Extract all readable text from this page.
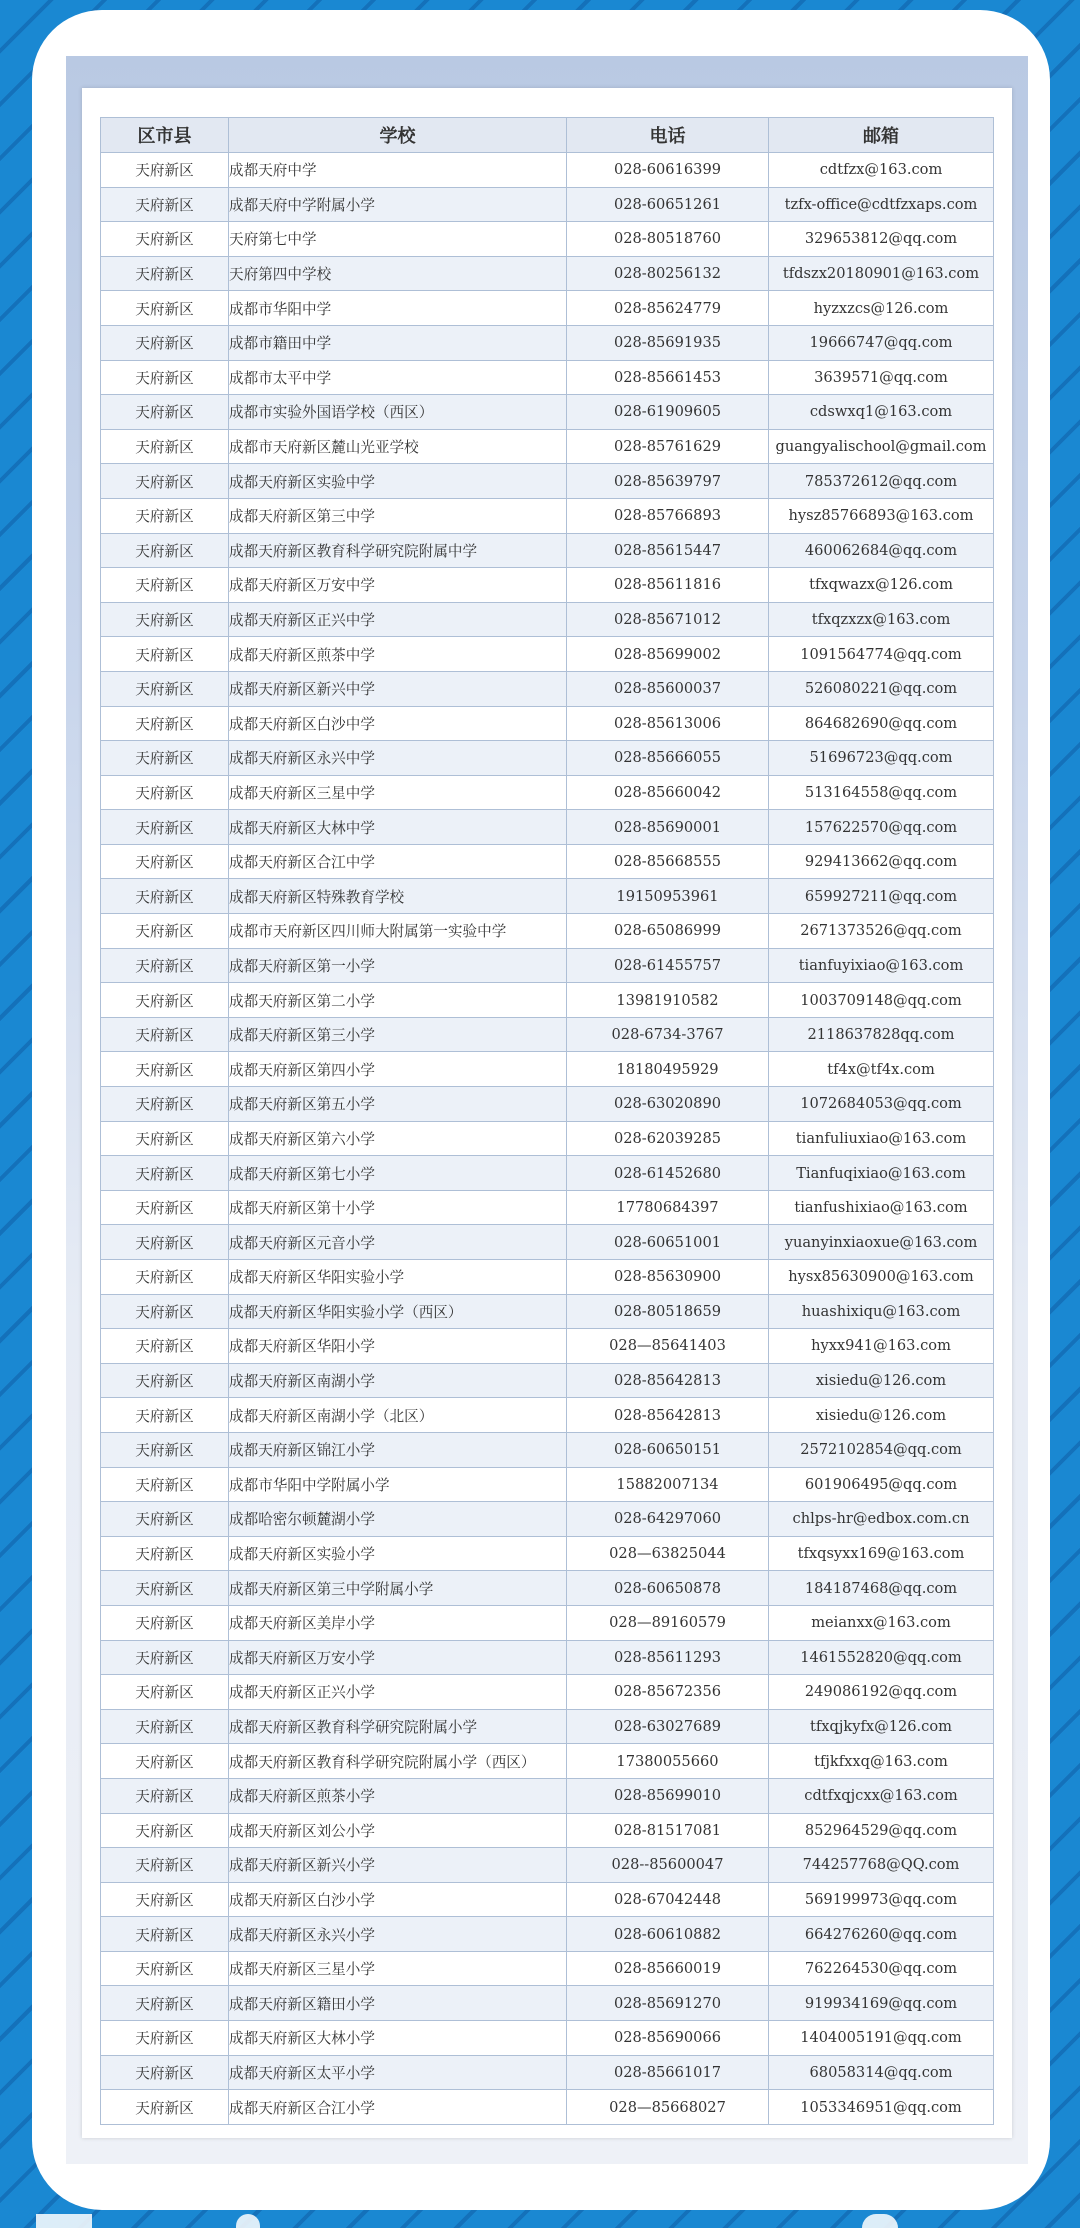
区市县	学校	电话	邮箱
天府新区	成都天府中学	028-60616399	cdtfzx@163.com
天府新区	成都天府中学附属小学	028-60651261	tzfx-office@cdtfzxaps.com
天府新区	天府第七中学	028-80518760	329653812@qq.com
天府新区	天府第四中学校	028-80256132	tfdszx20180901@163.com
天府新区	成都市华阳中学	028-85624779	hyzxzcs@126.com
天府新区	成都市籍田中学	028-85691935	19666747@qq.com
天府新区	成都市太平中学	028-85661453	3639571@qq.com
天府新区	成都市实验外国语学校（西区）	028-61909605	cdswxq1@163.com
天府新区	成都市天府新区麓山光亚学校	028-85761629	guangyalischool@gmail.com
天府新区	成都天府新区实验中学	028-85639797	785372612@qq.com
天府新区	成都天府新区第三中学	028-85766893	hysz85766893@163.com
天府新区	成都天府新区教育科学研究院附属中学	028-85615447	460062684@qq.com
天府新区	成都天府新区万安中学	028-85611816	tfxqwazx@126.com
天府新区	成都天府新区正兴中学	028-85671012	tfxqzxzx@163.com
天府新区	成都天府新区煎茶中学	028-85699002	1091564774@qq.com
天府新区	成都天府新区新兴中学	028-85600037	526080221@qq.com
天府新区	成都天府新区白沙中学	028-85613006	864682690@qq.com
天府新区	成都天府新区永兴中学	028-85666055	51696723@qq.com
天府新区	成都天府新区三星中学	028-85660042	513164558@qq.com
天府新区	成都天府新区大林中学	028-85690001	157622570@qq.com
天府新区	成都天府新区合江中学	028-85668555	929413662@qq.com
天府新区	成都天府新区特殊教育学校	19150953961	659927211@qq.com
天府新区	成都市天府新区四川师大附属第一实验中学	028-65086999	2671373526@qq.com
天府新区	成都天府新区第一小学	028-61455757	tianfuyixiao@163.com
天府新区	成都天府新区第二小学	13981910582	1003709148@qq.com
天府新区	成都天府新区第三小学	028-6734-3767	2118637828qq.com
天府新区	成都天府新区第四小学	18180495929	tf4x@tf4x.com
天府新区	成都天府新区第五小学	028-63020890	1072684053@qq.com
天府新区	成都天府新区第六小学	028-62039285	tianfuliuxiao@163.com
天府新区	成都天府新区第七小学	028-61452680	Tianfuqixiao@163.com
天府新区	成都天府新区第十小学	17780684397	tianfushixiao@163.com
天府新区	成都天府新区元音小学	028-60651001	yuanyinxiaoxue@163.com
天府新区	成都天府新区华阳实验小学	028-85630900	hysx85630900@163.com
天府新区	成都天府新区华阳实验小学（西区）	028-80518659	huashixiqu@163.com
天府新区	成都天府新区华阳小学	028—85641403	hyxx941@163.com
天府新区	成都天府新区南湖小学	028-85642813	xisiedu@126.com
天府新区	成都天府新区南湖小学（北区）	028-85642813	xisiedu@126.com
天府新区	成都天府新区锦江小学	028-60650151	2572102854@qq.com
天府新区	成都市华阳中学附属小学	15882007134	601906495@qq.com
天府新区	成都哈密尔顿麓湖小学	028-64297060	chlps-hr@edbox.com.cn
天府新区	成都天府新区实验小学	028—63825044	tfxqsyxx169@163.com
天府新区	成都天府新区第三中学附属小学	028-60650878	184187468@qq.com
天府新区	成都天府新区美岸小学	028—89160579	meianxx@163.com
天府新区	成都天府新区万安小学	028-85611293	1461552820@qq.com
天府新区	成都天府新区正兴小学	028-85672356	249086192@qq.com
天府新区	成都天府新区教育科学研究院附属小学	028-63027689	tfxqjkyfx@126.com
天府新区	成都天府新区教育科学研究院附属小学（西区）	17380055660	tfjkfxxq@163.com
天府新区	成都天府新区煎茶小学	028-85699010	cdtfxqjcxx@163.com
天府新区	成都天府新区刘公小学	028-81517081	852964529@qq.com
天府新区	成都天府新区新兴小学	028--85600047	744257768@QQ.com
天府新区	成都天府新区白沙小学	028-67042448	569199973@qq.com
天府新区	成都天府新区永兴小学	028-60610882	664276260@qq.com
天府新区	成都天府新区三星小学	028-85660019	762264530@qq.com
天府新区	成都天府新区籍田小学	028-85691270	919934169@qq.com
天府新区	成都天府新区大林小学	028-85690066	1404005191@qq.com
天府新区	成都天府新区太平小学	028-85661017	68058314@qq.com
天府新区	成都天府新区合江小学	028—85668027	1053346951@qq.com
